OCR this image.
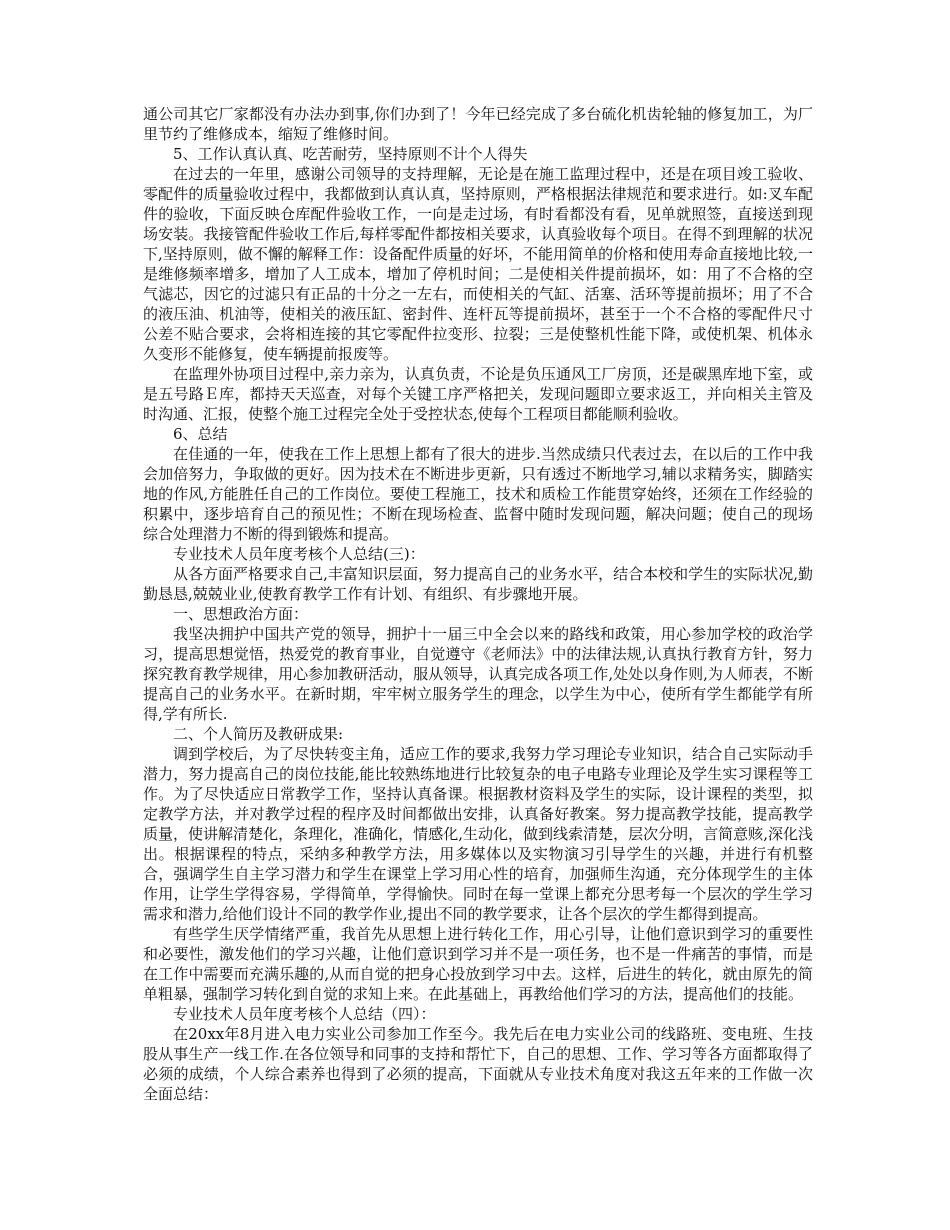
通公司其它厂家都没有办法办到事,你们办到了！今年已经完成了多台硫化机齿轮轴的修复加工，为厂里节约了维修成本，缩短了维修时间。

5、工作认真认真、吃苦耐劳，坚持原则不计个人得失

在过去的一年里，感谢公司领导的支持理解，无论是在施工监理过程中，还是在项目竣工验收、零配件的质量验收过程中，我都做到认真认真，坚持原则，严格根据法律规范和要求进行。如:叉车配件的验收，下面反映仓库配件验收工作，一向是走过场，有时看都没有看，见单就照签，直接送到现场安装。我接管配件验收工作后,每样零配件都按相关要求，认真验收每个项目。在得不到理解的状况下,坚持原则，做不懈的解释工作：设备配件质量的好坏，不能用简单的价格和使用寿命直接地比较,一是维修频率增多，增加了人工成本，增加了停机时间；二是使相关件提前损坏，如：用了不合格的空气滤芯，因它的过滤只有正品的十分之一左右，而使相关的气缸、活塞、活环等提前损坏；用了不合的液压油、机油等，使相关的液压缸、密封件、连杆瓦等提前损坏，甚至于一个不合格的零配件尺寸公差不贴合要求，会将相连接的其它零配件拉变形、拉裂；三是使整机性能下降，或使机架、机体永久变形不能修复，使车辆提前报废等。

在监理外协项目过程中,亲力亲为，认真负责，不论是负压通风工厂房顶，还是碳黑库地下室，或是五号路Ｅ库，都持天天巡查，对每个关键工序严格把关，发现问题即立要求返工，并向相关主管及时沟通、汇报，使整个施工过程完全处于受控状态,使每个工程项目都能顺利验收。

6、总结

在佳通的一年，使我在工作上思想上都有了很大的进步.当然成绩只代表过去，在以后的工作中我会加倍努力，争取做的更好。因为技术在不断进步更新，只有透过不断地学习,辅以求精务实，脚踏实地的作风,方能胜任自己的工作岗位。要使工程施工，技术和质检工作能贯穿始终，还须在工作经验的积累中，逐步培育自己的预见性；不断在现场检查、监督中随时发现问题，解决问题；使自己的现场综合处理潜力不断的得到锻炼和提高。

专业技术人员年度考核个人总结(三)：

从各方面严格要求自己,丰富知识层面，努力提高自己的业务水平，结合本校和学生的实际状况,勤勤恳恳,兢兢业业,使教育教学工作有计划、有组织、有步骤地开展。

一、思想政治方面：

我坚决拥护中国共产党的领导，拥护十一届三中全会以来的路线和政策，用心参加学校的政治学习，提高思想觉悟，热爱党的教育事业，自觉遵守《老师法》中的法律法规,认真执行教育方针，努力探究教育教学规律，用心参加教研活动，服从领导，认真完成各项工作,处处以身作则,为人师表，不断提高自己的业务水平。在新时期，牢牢树立服务学生的理念，以学生为中心，使所有学生都能学有所得,学有所长.

二、个人简历及教研成果:

调到学校后，为了尽快转变主角，适应工作的要求,我努力学习理论专业知识，结合自己实际动手潜力，努力提高自己的岗位技能,能比较熟练地进行比较复杂的电子电路专业理论及学生实习课程等工作。为了尽快适应日常教学工作，坚持认真备课。根据教材资料及学生的实际，设计课程的类型，拟定教学方法，并对教学过程的程序及时间都做出安排，认真备好教案。努力提高教学技能，提高教学质量，使讲解清楚化，条理化，准确化，情感化,生动化，做到线索清楚，层次分明，言简意赅,深化浅出。根据课程的特点，采纳多种教学方法，用多媒体以及实物演习引导学生的兴趣，并进行有机整合，强调学生自主学习潜力和学生在课堂上学习用心性的培育，加强师生沟通，充分体现学生的主体作用，让学生学得容易，学得简单，学得愉快。同时在每一堂课上都充分思考每一个层次的学生学习需求和潜力,给他们设计不同的教学作业,提出不同的教学要求，让各个层次的学生都得到提高。

有些学生厌学情绪严重，我首先从思想上进行转化工作，用心引导，让他们意识到学习的重要性和必要性，激发他们的学习兴趣，让他们意识到学习并不是一项任务，也不是一件痛苦的事情，而是在工作中需要而充满乐趣的,从而自觉的把身心投放到学习中去。这样，后进生的转化，就由原先的简单粗暴，强制学习转化到自觉的求知上来。在此基础上，再教给他们学习的方法，提高他们的技能。

专业技术人员年度考核个人总结（四）：

在20xx年8月进入电力实业公司参加工作至今。我先后在电力实业公司的线路班、变电班、生技股从事生产一线工作.在各位领导和同事的支持和帮忙下，自己的思想、工作、学习等各方面都取得了必须的成绩，个人综合素养也得到了必须的提高，下面就从专业技术角度对我这五年来的工作做一次全面总结：
